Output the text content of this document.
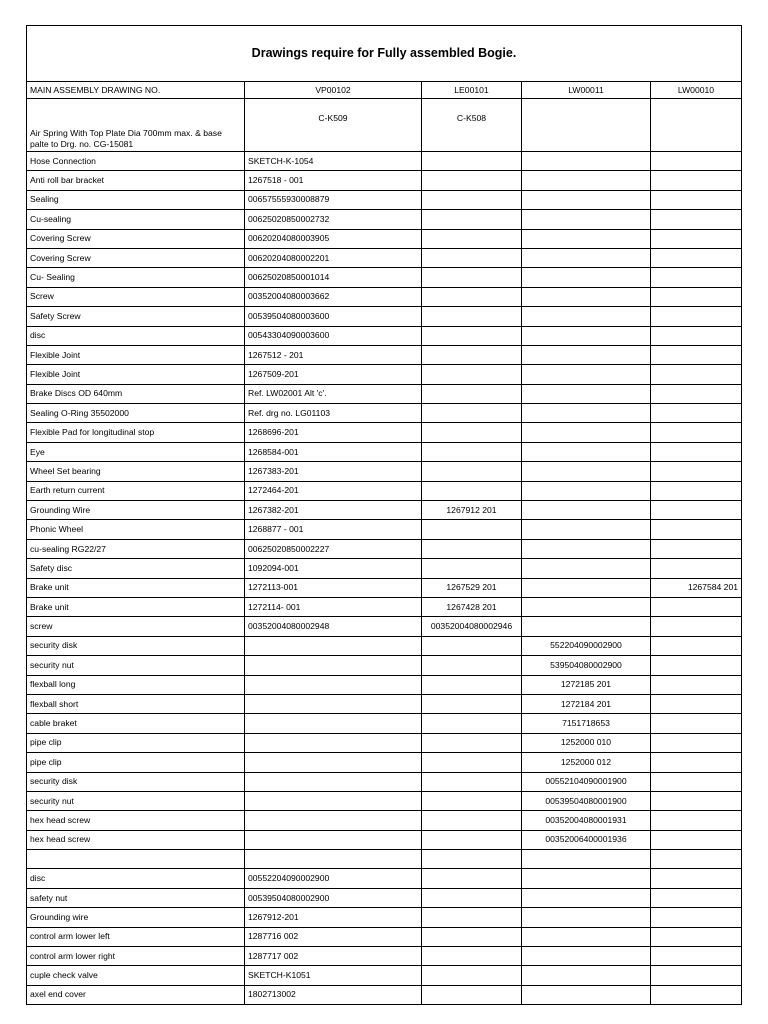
Drawings require for Fully assembled Bogie.				
MAIN ASSEMBLY DRAWING NO.	VP00102	LE00101	LW00011	LW00010
Air Spring With Top Plate Dia 700mm max. & base palte to Drg. no. CG-15081	C-K509	C-K508		
Hose Connection	SKETCH-K-1054			
Anti roll bar bracket	1267518 - 001			
Sealing	00657555930008879			
Cu-sealing	00625020850002732			
Covering Screw	00620204080003905			
Covering Screw	00620204080002201			
Cu- Sealing	00625020850001014			
Screw	00352004080003662			
Safety Screw	00539504080003600			
disc	00543304090003600			
Flexible Joint	1267512 - 201			
Flexible Joint	1267509-201			
Brake Discs OD 640mm	Ref. LW02001 Alt 'c'.			
Sealing O-Ring 35502000	Ref. drg no. LG01103			
Flexible Pad for longitudinal stop	1268696-201			
Eye	1268584-001			
Wheel Set bearing	1267383-201			
Earth return current	1272464-201			
Grounding Wire	1267382-201	1267912 201		
Phonic Wheel	1268877 - 001			
cu-sealing RG22/27	00625020850002227			
Safety disc	1092094-001			
Brake unit	1272113-001	1267529 201		1267584 201
Brake unit	1272114- 001	1267428 201		
screw	00352004080002948	00352004080002946		
security disk			552204090002900	
security nut			539504080002900	
flexball long			1272185 201	
flexball short			1272184 201	
cable braket			7151718653	
pipe clip			1252000 010	
pipe clip			1252000 012	
security disk			00552104090001900	
security nut			00539504080001900	
hex head screw			00352004080001931	
hex head screw			00352006400001936	

disc	00552204090002900			
safety nut	00539504080002900			
Grounding wire	1267912-201			
control arm lower left	1287716 002			
control arm lower right	1287717 002			
cuple check valve	SKETCH-K1051			
axel end cover	1802713002			
